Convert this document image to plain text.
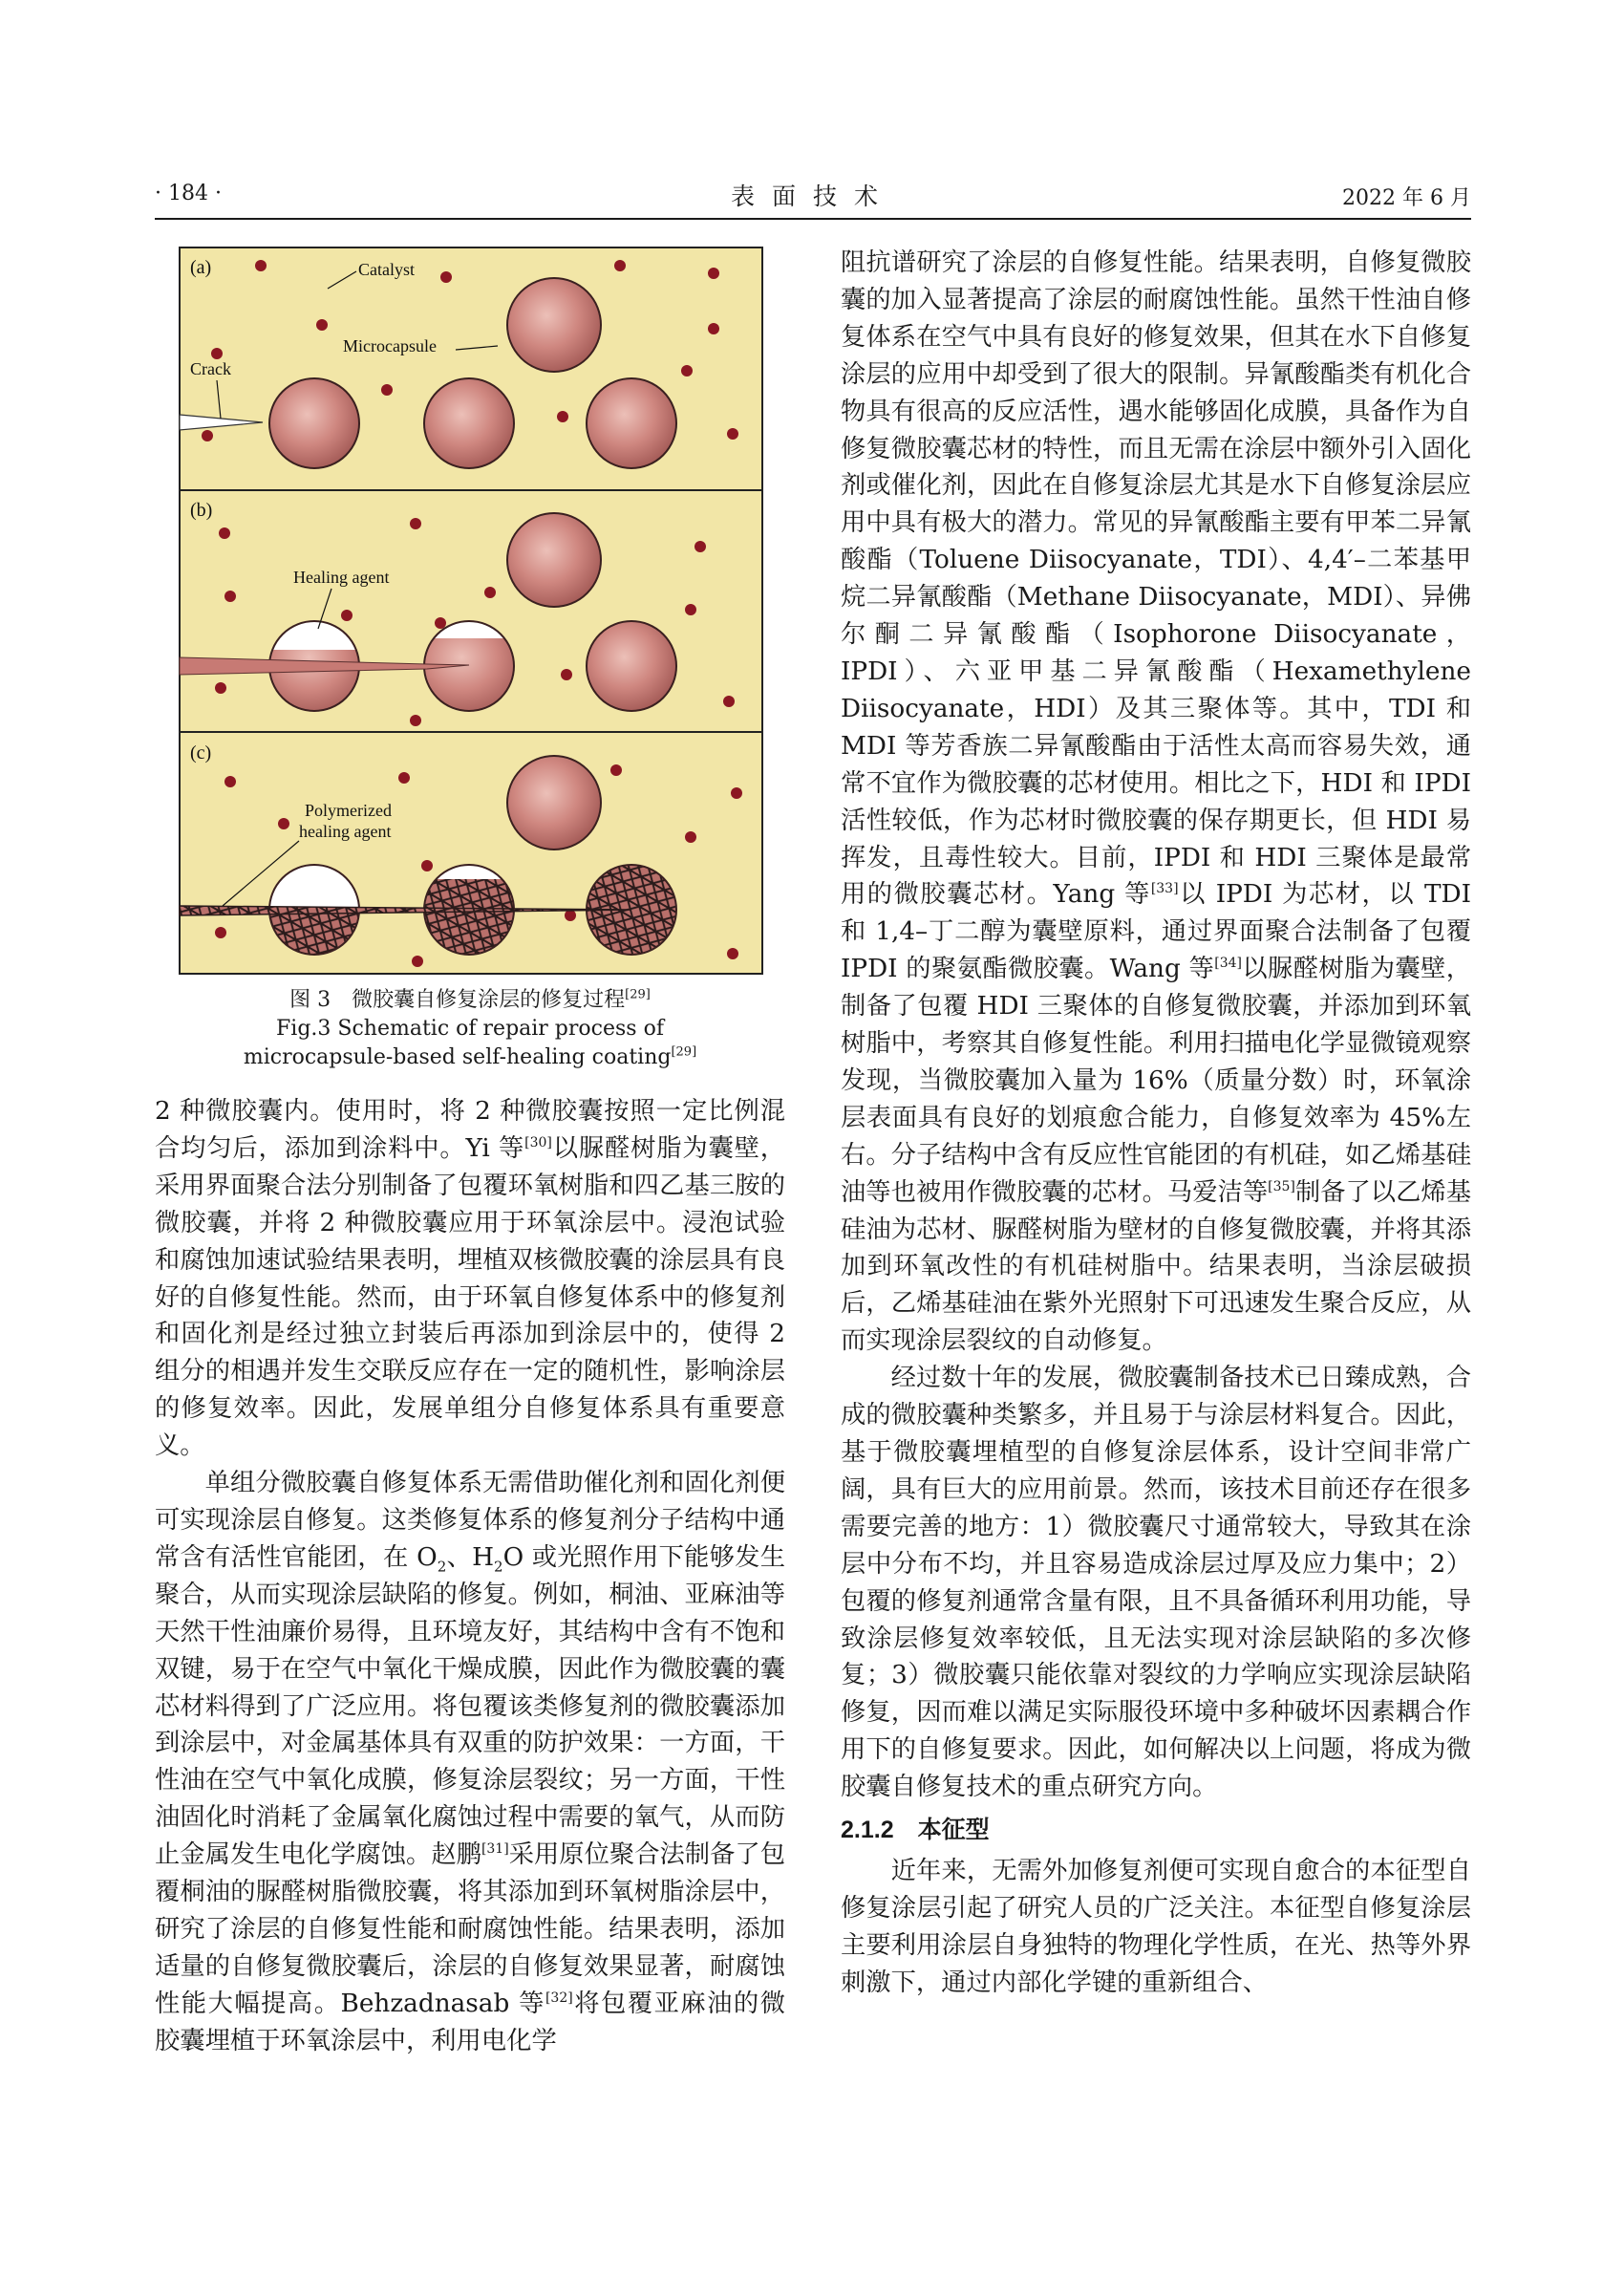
· 184 ·	表面技术	2022 年 6 月
(a)	Catalyst
Microcapsule
Crack
(b)
Healing agent
(c)
Polymerized
healing agent
图 3　微胶囊自修复涂层的修复过程[29]
Fig.3 Schematic of repair process of
microcapsule-based self-healing coating[29]

2 种微胶囊内。使用时，将 2 种微胶囊按照一定比例混合均匀后，添加到涂料中。Yi 等[30]以脲醛树脂为囊壁，采用界面聚合法分别制备了包覆环氧树脂和四乙基三胺的微胶囊，并将 2 种微胶囊应用于环氧涂层中。浸泡试验和腐蚀加速试验结果表明，埋植双核微胶囊的涂层具有良好的自修复性能。然而，由于环氧自修复体系中的修复剂和固化剂是经过独立封装后再添加到涂层中的，使得 2 组分的相遇并发生交联反应存在一定的随机性，影响涂层的修复效率。因此，发展单组分自修复体系具有重要意义。

单组分微胶囊自修复体系无需借助催化剂和固化剂便可实现涂层自修复。这类修复体系的修复剂分子结构中通常含有活性官能团，在 $O_2$、$H_2O$ 或光照作用下能够发生聚合，从而实现涂层缺陷的修复。例如，桐油、亚麻油等天然干性油廉价易得，且环境友好，其结构中含有不饱和双键，易于在空气中氧化干燥成膜，因此作为微胶囊的囊芯材料得到了广泛应用。将包覆该类修复剂的微胶囊添加到涂层中，对金属基体具有双重的防护效果：一方面，干性油在空气中氧化成膜，修复涂层裂纹；另一方面，干性油固化时消耗了金属氧化腐蚀过程中需要的氧气，从而防止金属发生电化学腐蚀。赵鹏[31]采用原位聚合法制备了包覆桐油的脲醛树脂微胶囊，将其添加到环氧树脂涂层中，研究了涂层的自修复性能和耐腐蚀性能。结果表明，添加适量的自修复微胶囊后，涂层的自修复效果显著，耐腐蚀性能大幅提高。Behzadnasab 等[32]将包覆亚麻油的微胶囊埋植于环氧涂层中，利用电化学

阻抗谱研究了涂层的自修复性能。结果表明，自修复微胶囊的加入显著提高了涂层的耐腐蚀性能。虽然干性油自修复体系在空气中具有良好的修复效果，但其在水下自修复涂层的应用中却受到了很大的限制。异氰酸酯类有机化合物具有很高的反应活性，遇水能够固化成膜，具备作为自修复微胶囊芯材的特性，而且无需在涂层中额外引入固化剂或催化剂，因此在自修复涂层尤其是水下自修复涂层应用中具有极大的潜力。常见的异氰酸酯主要有甲苯二异氰酸酯（Toluene Diisocyanate，TDI）、4,4′–二苯基甲烷二异氰酸酯（Methane Diisocyanate，MDI）、异佛尔酮二异氰酸酯（Isophorone Diisocyanate，IPDI）、六亚甲基二异氰酸酯（Hexamethylene Diisocyanate，HDI）及其三聚体等。其中，TDI 和 MDI 等芳香族二异氰酸酯由于活性太高而容易失效，通常不宜作为微胶囊的芯材使用。相比之下，HDI 和 IPDI 活性较低，作为芯材时微胶囊的保存期更长，但 HDI 易挥发，且毒性较大。目前，IPDI 和 HDI 三聚体是最常用的微胶囊芯材。Yang 等[33]以 IPDI 为芯材，以 TDI 和 1,4–丁二醇为囊壁原料，通过界面聚合法制备了包覆 IPDI 的聚氨酯微胶囊。Wang 等[34]以脲醛树脂为囊壁，制备了包覆 HDI 三聚体的自修复微胶囊，并添加到环氧树脂中，考察其自修复性能。利用扫描电化学显微镜观察发现，当微胶囊加入量为 16%（质量分数）时，环氧涂层表面具有良好的划痕愈合能力，自修复效率为 45%左右。分子结构中含有反应性官能团的有机硅，如乙烯基硅油等也被用作微胶囊的芯材。马爱洁等[35]制备了以乙烯基硅油为芯材、脲醛树脂为壁材的自修复微胶囊，并将其添加到环氧改性的有机硅树脂中。结果表明，当涂层破损后，乙烯基硅油在紫外光照射下可迅速发生聚合反应，从而实现涂层裂纹的自动修复。

经过数十年的发展，微胶囊制备技术已日臻成熟，合成的微胶囊种类繁多，并且易于与涂层材料复合。因此，基于微胶囊埋植型的自修复涂层体系，设计空间非常广阔，具有巨大的应用前景。然而，该技术目前还存在很多需要完善的地方：1）微胶囊尺寸通常较大，导致其在涂层中分布不均，并且容易造成涂层过厚及应力集中；2）包覆的修复剂通常含量有限，且不具备循环利用功能，导致涂层修复效率较低，且无法实现对涂层缺陷的多次修复；3）微胶囊只能依靠对裂纹的力学响应实现涂层缺陷修复，因而难以满足实际服役环境中多种破坏因素耦合作用下的自修复要求。因此，如何解决以上问题，将成为微胶囊自修复技术的重点研究方向。

2.1.2　本征型

近年来，无需外加修复剂便可实现自愈合的本征型自修复涂层引起了研究人员的广泛关注。本征型自修复涂层主要利用涂层自身独特的物理化学性质，在光、热等外界刺激下，通过内部化学键的重新组合、
